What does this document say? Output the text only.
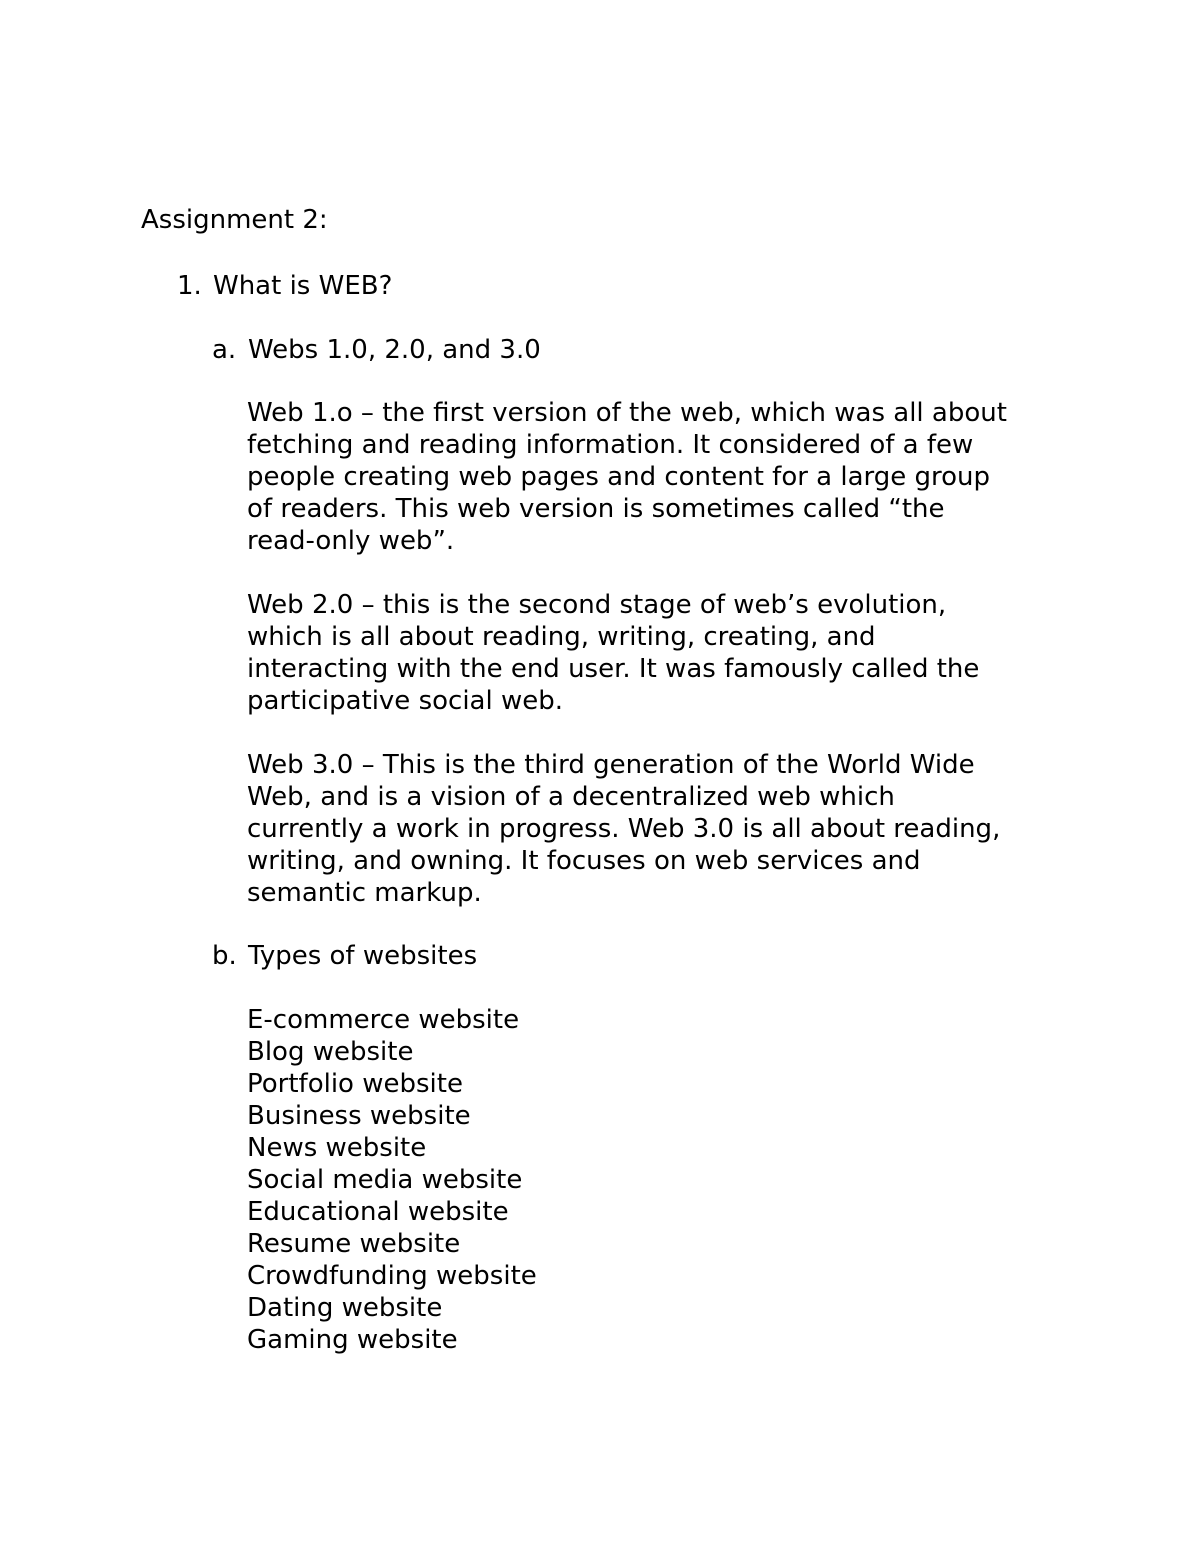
Assignment 2:
1. What is WEB?
a. Webs 1.0, 2.0, and 3.0
Web 1.o – the first version of the web, which was all about
fetching and reading information. It considered of a few
people creating web pages and content for a large group
of readers. This web version is sometimes called “the
read-only web”.
Web 2.0 – this is the second stage of web’s evolution,
which is all about reading, writing, creating, and
interacting with the end user. It was famously called the
participative social web.
Web 3.0 – This is the third generation of the World Wide
Web, and is a vision of a decentralized web which
currently a work in progress. Web 3.0 is all about reading,
writing, and owning. It focuses on web services and
semantic markup.
b. Types of websites
E-commerce website
Blog website
Portfolio website
Business website
News website
Social media website
Educational website
Resume website
Crowdfunding website
Dating website
Gaming website
